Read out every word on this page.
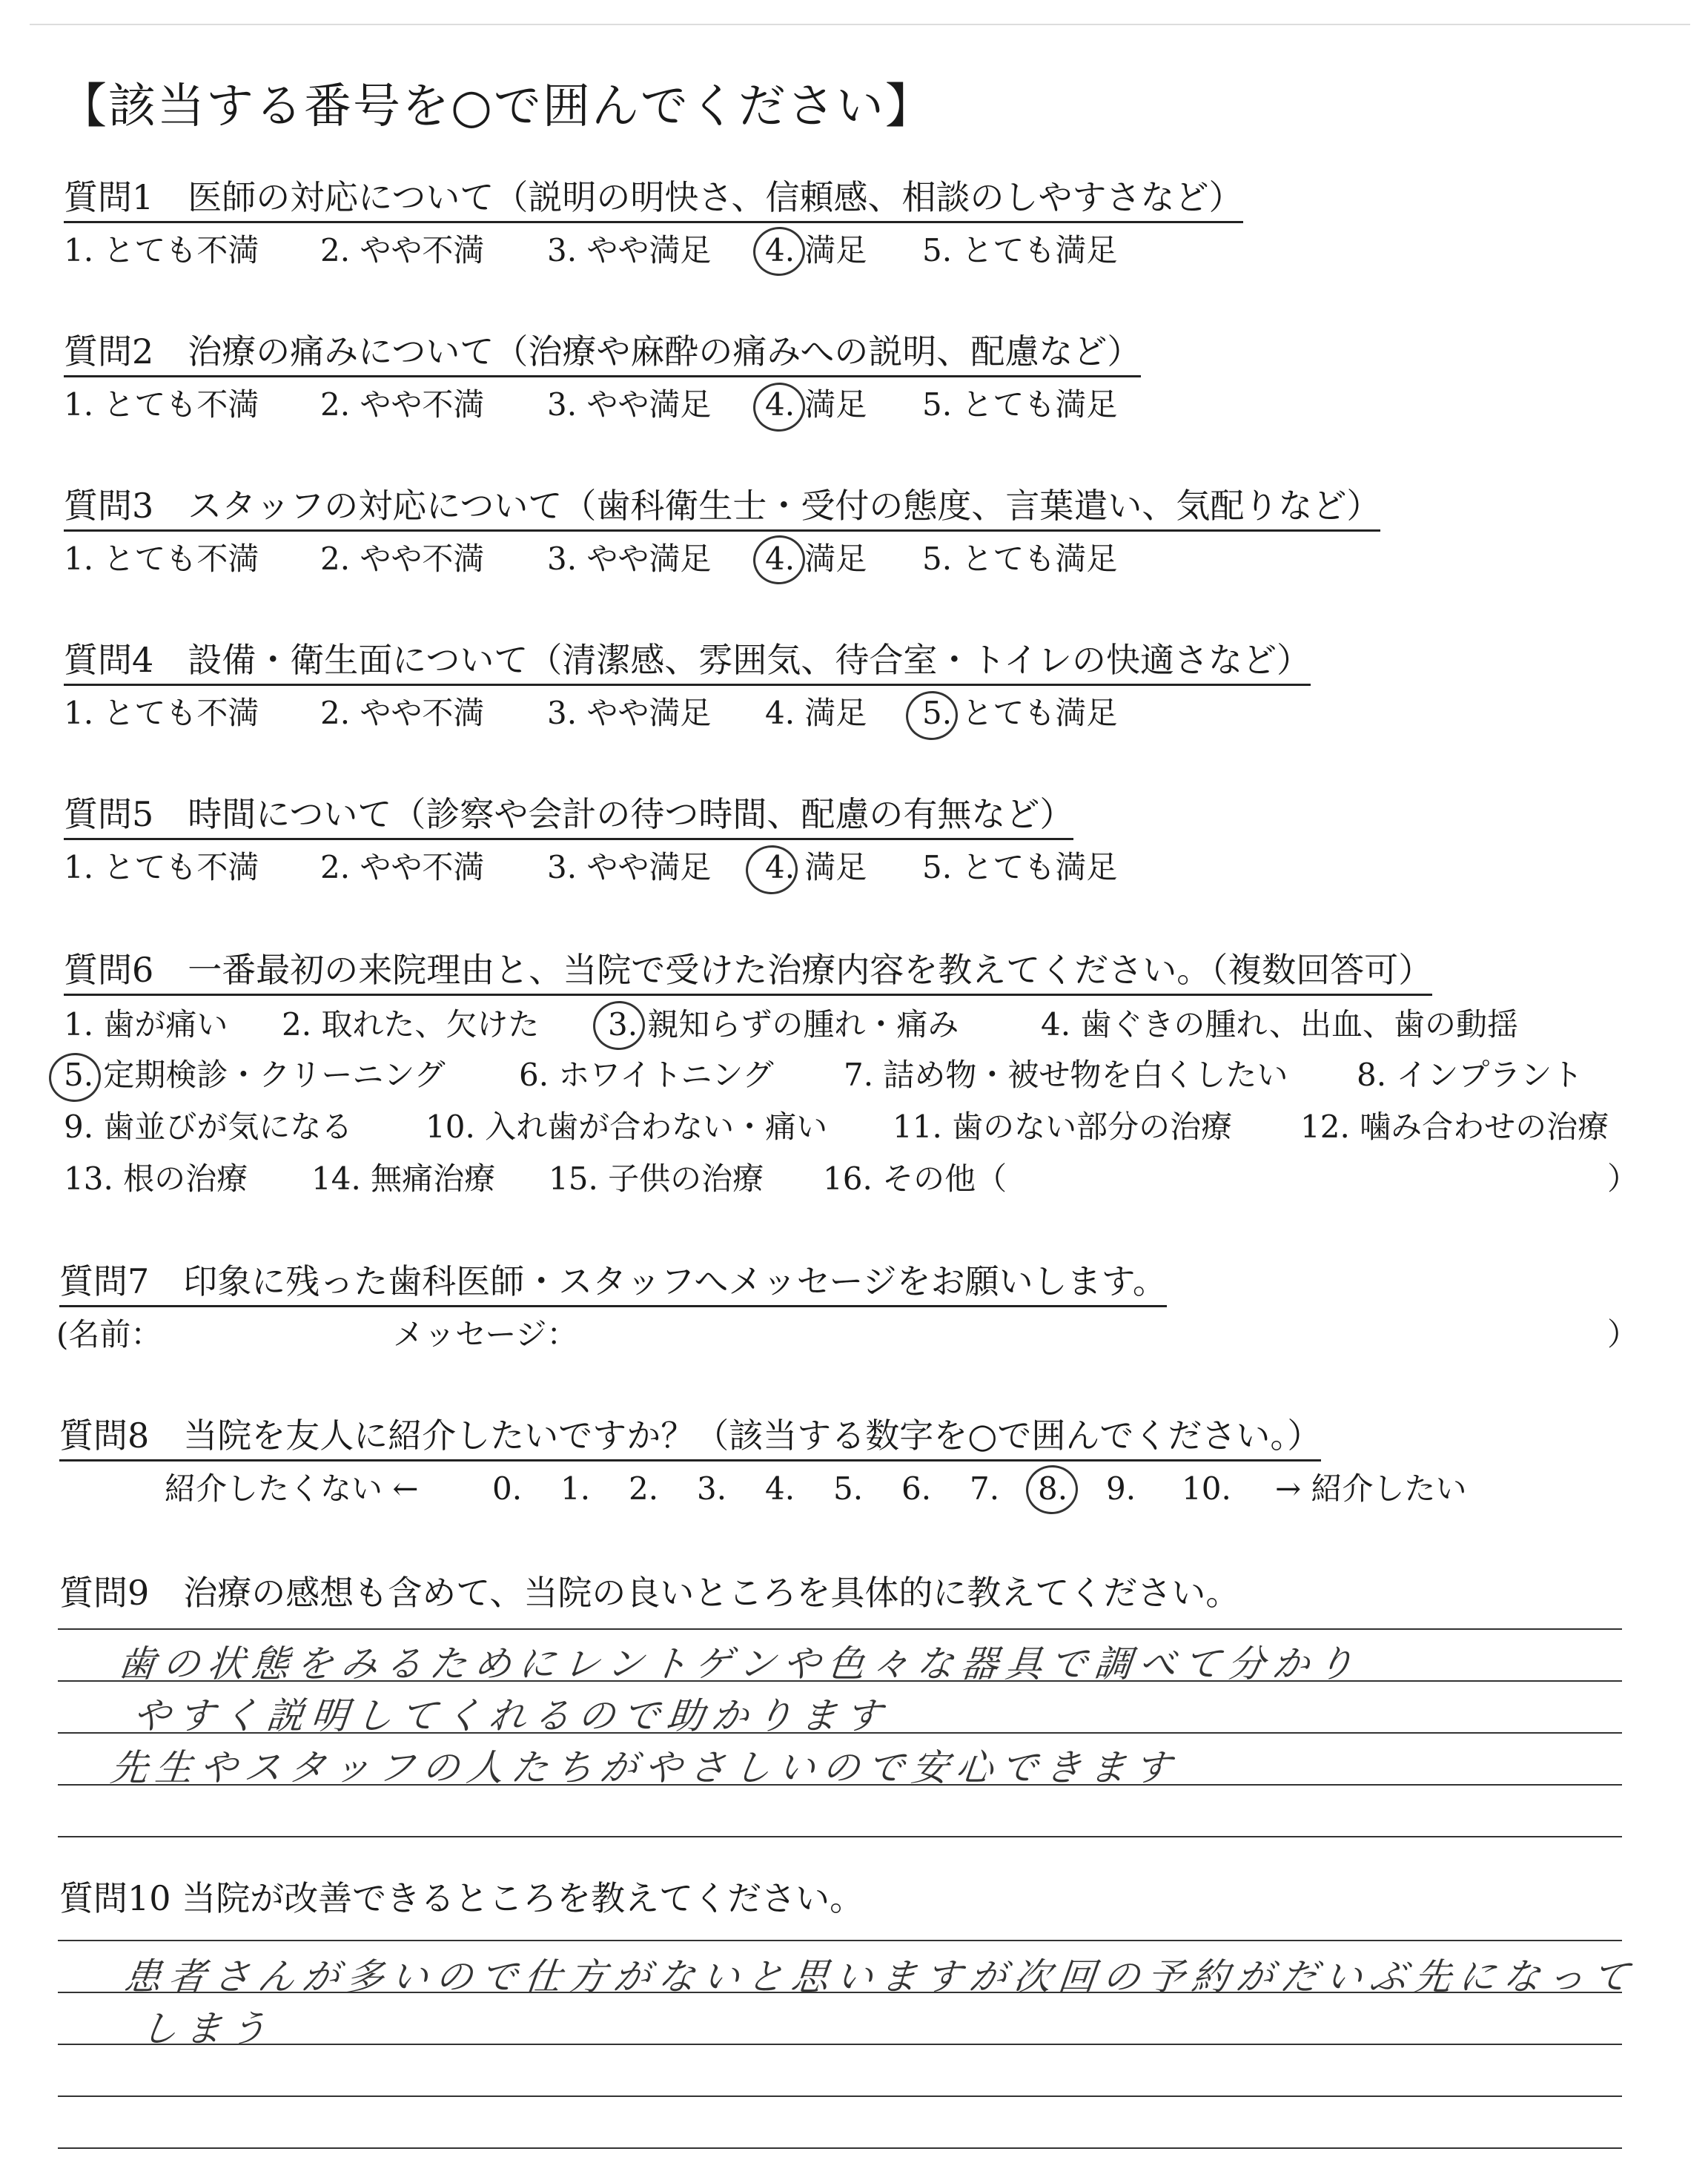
【該当する番号を○で囲んでください】
質問1　医師の対応について（説明の明快さ、信頼感、相談のしやすさなど）
1. とても不満 2. やや不満 3. やや満足 4. 満足 5. とても満足
質問2　治療の痛みについて（治療や麻酔の痛みへの説明、配慮など）
1. とても不満 2. やや不満 3. やや満足 4. 満足 5. とても満足
質問3　スタッフの対応について（歯科衛生士・受付の態度、言葉遣い、気配りなど）
1. とても不満 2. やや不満 3. やや満足 4. 満足 5. とても満足
質問4　設備・衛生面について（清潔感、雰囲気、待合室・トイレの快適さなど）
1. とても不満 2. やや不満 3. やや満足 4. 満足 5. とても満足
質問5　時間について（診察や会計の待つ時間、配慮の有無など）
1. とても不満 2. やや不満 3. やや満足 4. 満足 5. とても満足
質問6　一番最初の来院理由と、当院で受けた治療内容を教えてください。（複数回答可）
1. 歯が痛い 2. 取れた、欠けた 3. 親知らずの腫れ・痛み	4. 歯ぐきの腫れ、出血、歯の動揺
5. 定期検診・クリーニング 6. ホワイトニング 7. 詰め物・被せ物を白くしたい 8. インプラント
9. 歯並びが気になる 10. 入れ歯が合わない・痛い 11. 歯のない部分の治療 12. 噛み合わせの治療
13. 根の治療 14. 無痛治療 15. 子供の治療 16. その他（	）
質問7　印象に残った歯科医師・スタッフへメッセージをお願いします。
(名前：	メッセージ：	）
質問8　当院を友人に紹介したいですか？（該当する数字を○で囲んでください。）
紹介したくない ← 0. 1. 2. 3. 4. 5. 6. 7. 8. 9. 10. → 紹介したい
質問9　治療の感想も含めて、当院の良いところを具体的に教えてください。
歯の状態をみるためにレントゲンや色々な器具で調べて分かり
やすく説明してくれるので助かります
先生やスタッフの人たちがやさしいので安心できます
質問10 当院が改善できるところを教えてください。
患者さんが多いので仕方がないと思いますが次回の予約がだいぶ先になって
しまう
